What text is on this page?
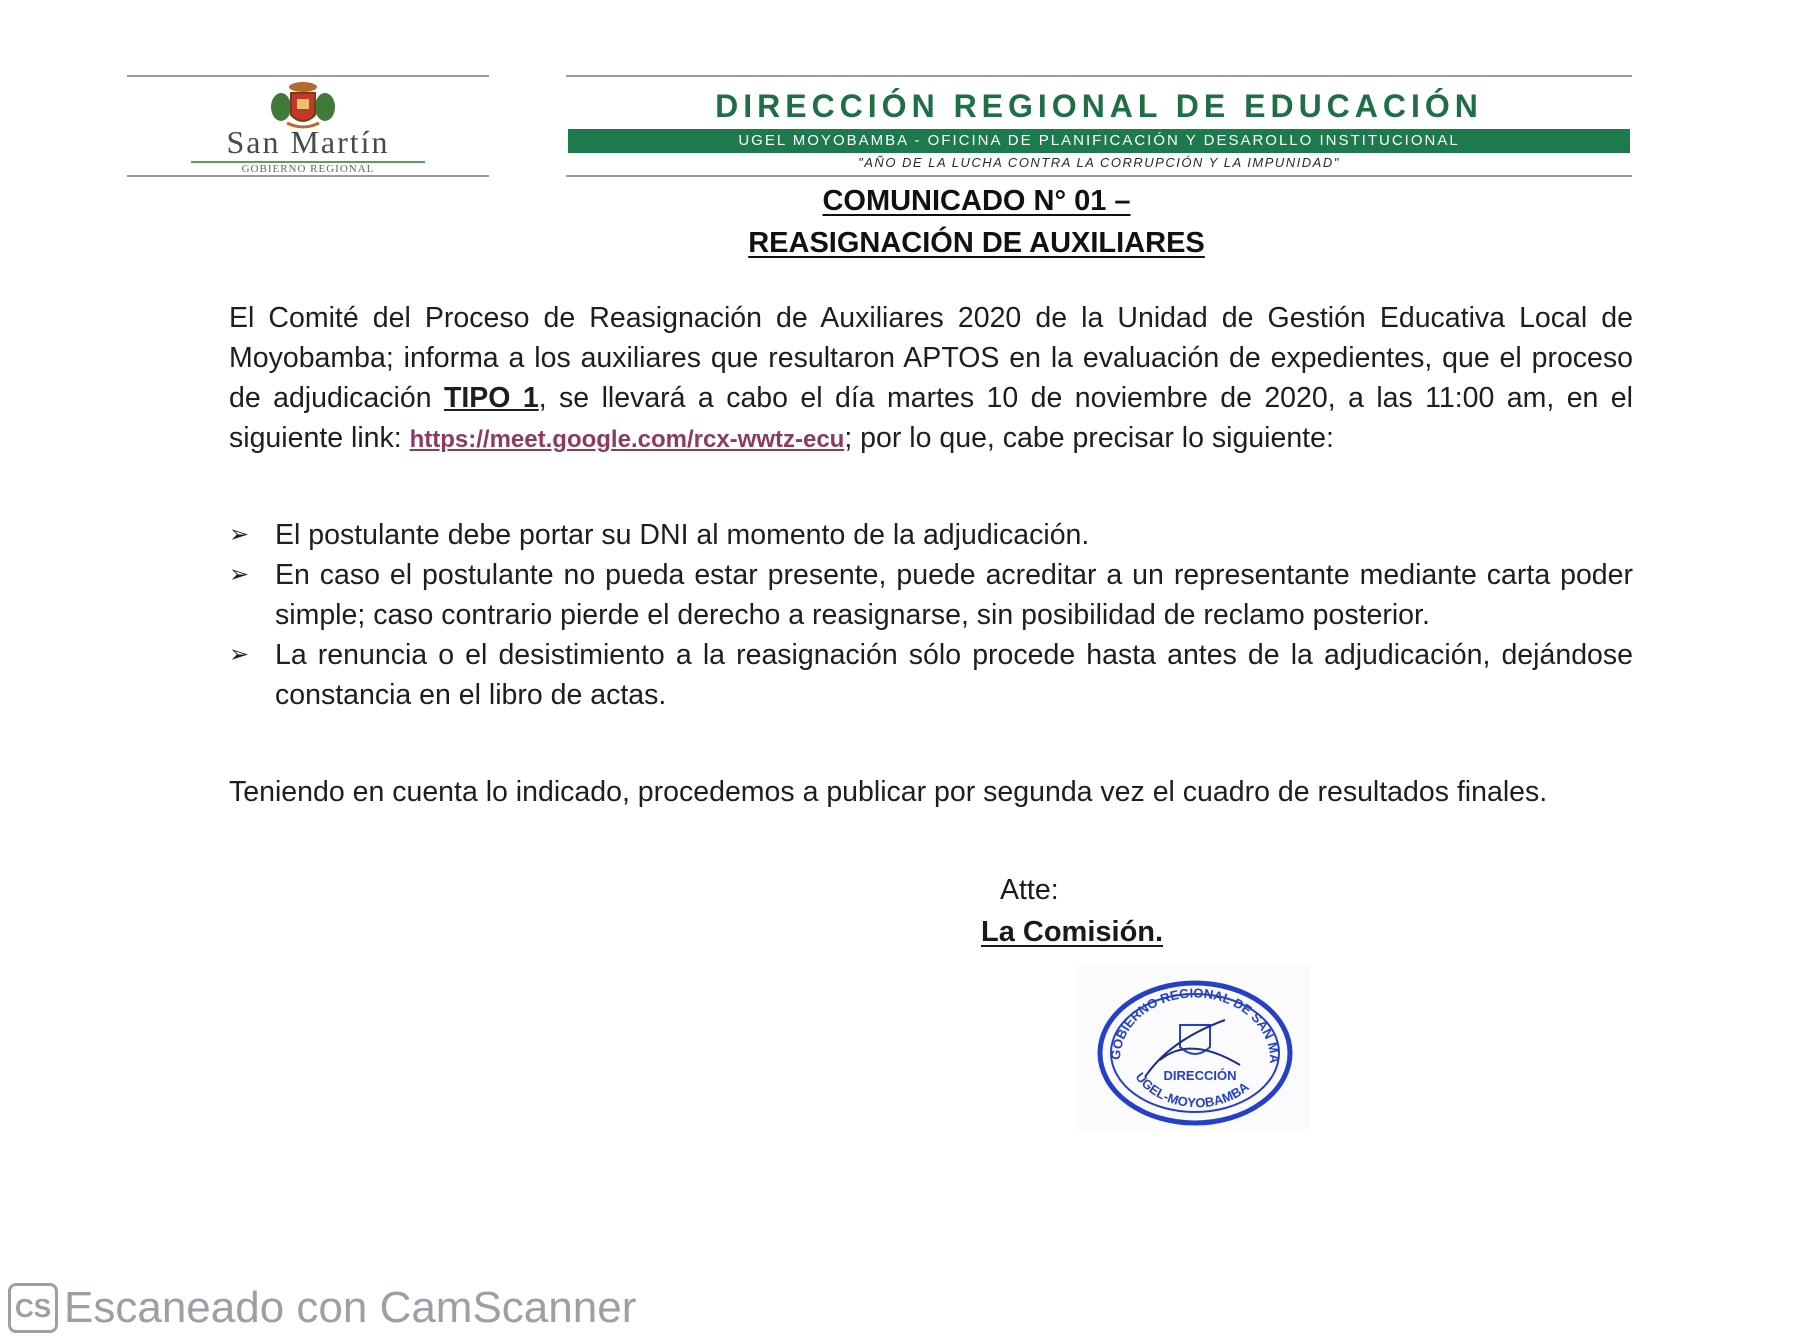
San Martín
GOBIERNO REGIONAL
DIRECCIÓN REGIONAL DE EDUCACIÓN
UGEL MOYOBAMBA - OFICINA DE PLANIFICACIÓN Y DESAROLLO INSTITUCIONAL
"AÑO DE LA LUCHA CONTRA LA CORRUPCIÓN Y LA IMPUNIDAD"
COMUNICADO N° 01 –
REASIGNACIÓN DE AUXILIARES
El Comité del Proceso de Reasignación de Auxiliares 2020 de la Unidad de Gestión Educativa Local de Moyobamba; informa a los auxiliares que resultaron APTOS en la evaluación de expedientes, que el proceso de adjudicación TIPO 1, se llevará a cabo el día martes 10 de noviembre de 2020, a las 11:00 am, en el siguiente link: https://meet.google.com/rcx-wwtz-ecu; por lo que, cabe precisar lo siguiente:
➢ El postulante debe portar su DNI al momento de la adjudicación.
➢ En caso el postulante no pueda estar presente, puede acreditar a un representante mediante carta poder simple; caso contrario pierde el derecho a reasignarse, sin posibilidad de reclamo posterior.
➢ La renuncia o el desistimiento a la reasignación sólo procede hasta antes de la adjudicación, dejándose constancia en el libro de actas.
Teniendo en cuenta lo indicado, procedemos a publicar por segunda vez el cuadro de resultados finales.
Atte:
La Comisión.
GOBIERNO REGIONAL DE SAN MA
UGEL-MOYOBAMBA
DIRECCIÓN
CS Escaneado con CamScanner
